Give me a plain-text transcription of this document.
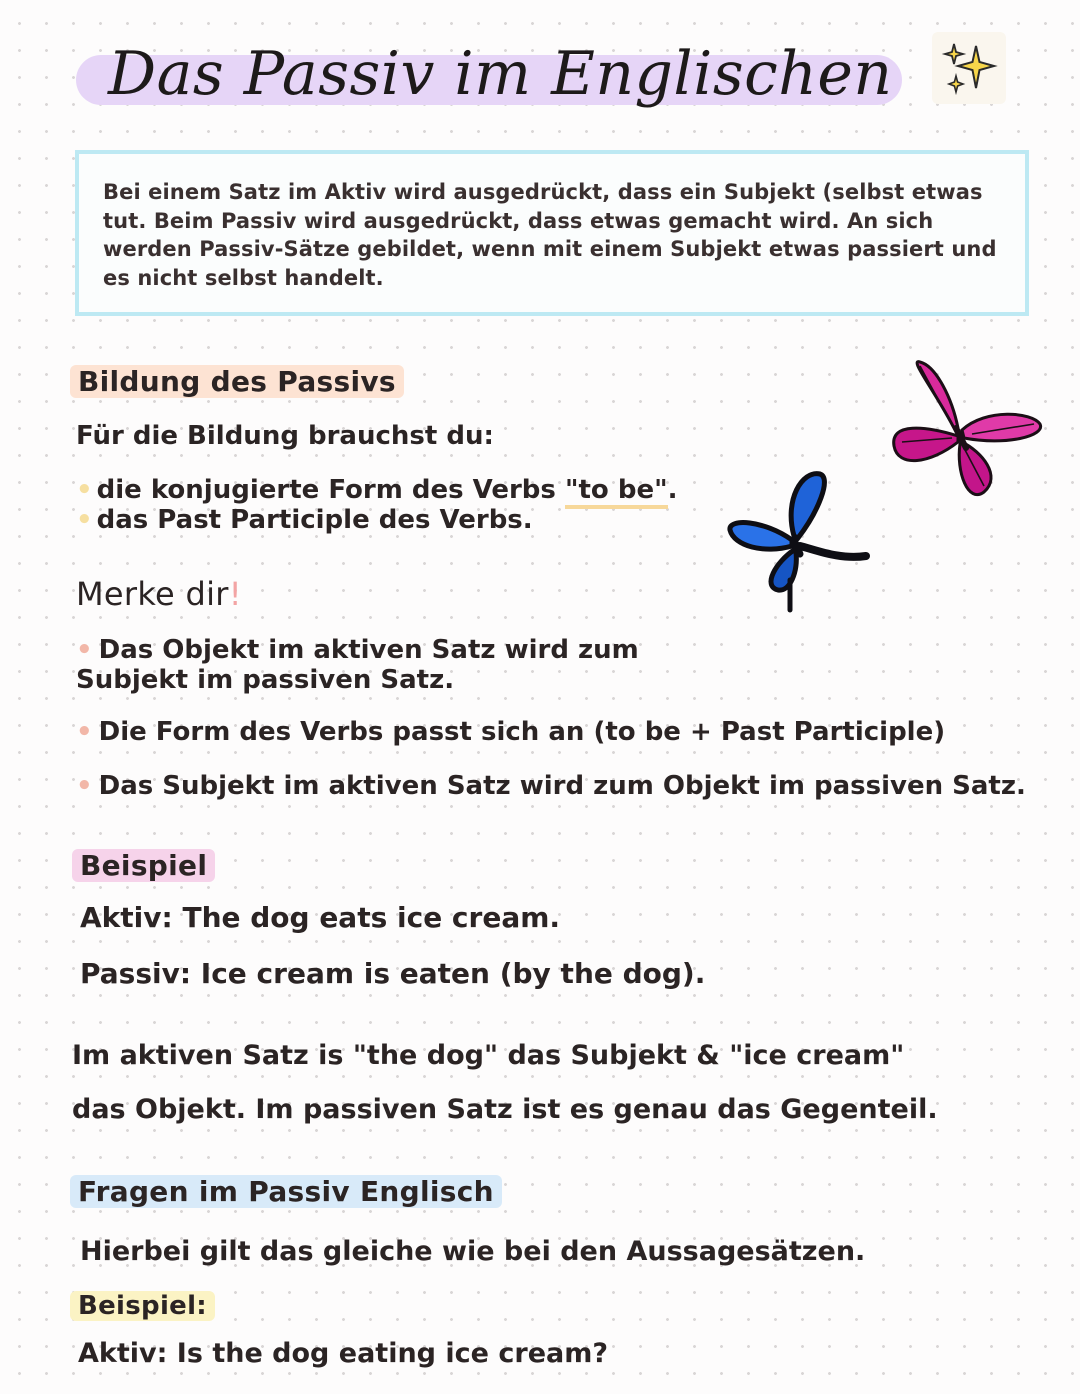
Das Passiv im Englischen
Bei einem Satz im Aktiv wird ausgedrückt, dass ein Subjekt (selbst etwas tut. Beim Passiv wird ausgedrückt, dass etwas gemacht wird. An sich werden Passiv-Sätze gebildet, wenn mit einem Subjekt etwas passiert und es nicht selbst handelt.
Bildung des Passivs
Für die Bildung brauchst du:
• die konjugierte Form des Verbs "to be".
• das Past Participle des Verbs.
Merke dir!
• Das Objekt im aktiven Satz wird zum
Subjekt im passiven Satz.
• Die Form des Verbs passt sich an (to be + Past Participle)
• Das Subjekt im aktiven Satz wird zum Objekt im passiven Satz.
Beispiel
Aktiv: The dog eats ice cream.
Passiv: Ice cream is eaten (by the dog).
Im aktiven Satz is "the dog" das Subjekt & "ice cream"
das Objekt. Im passiven Satz ist es genau das Gegenteil.
Fragen im Passiv Englisch
Hierbei gilt das gleiche wie bei den Aussagesätzen.
Beispiel:
Aktiv: Is the dog eating ice cream?
